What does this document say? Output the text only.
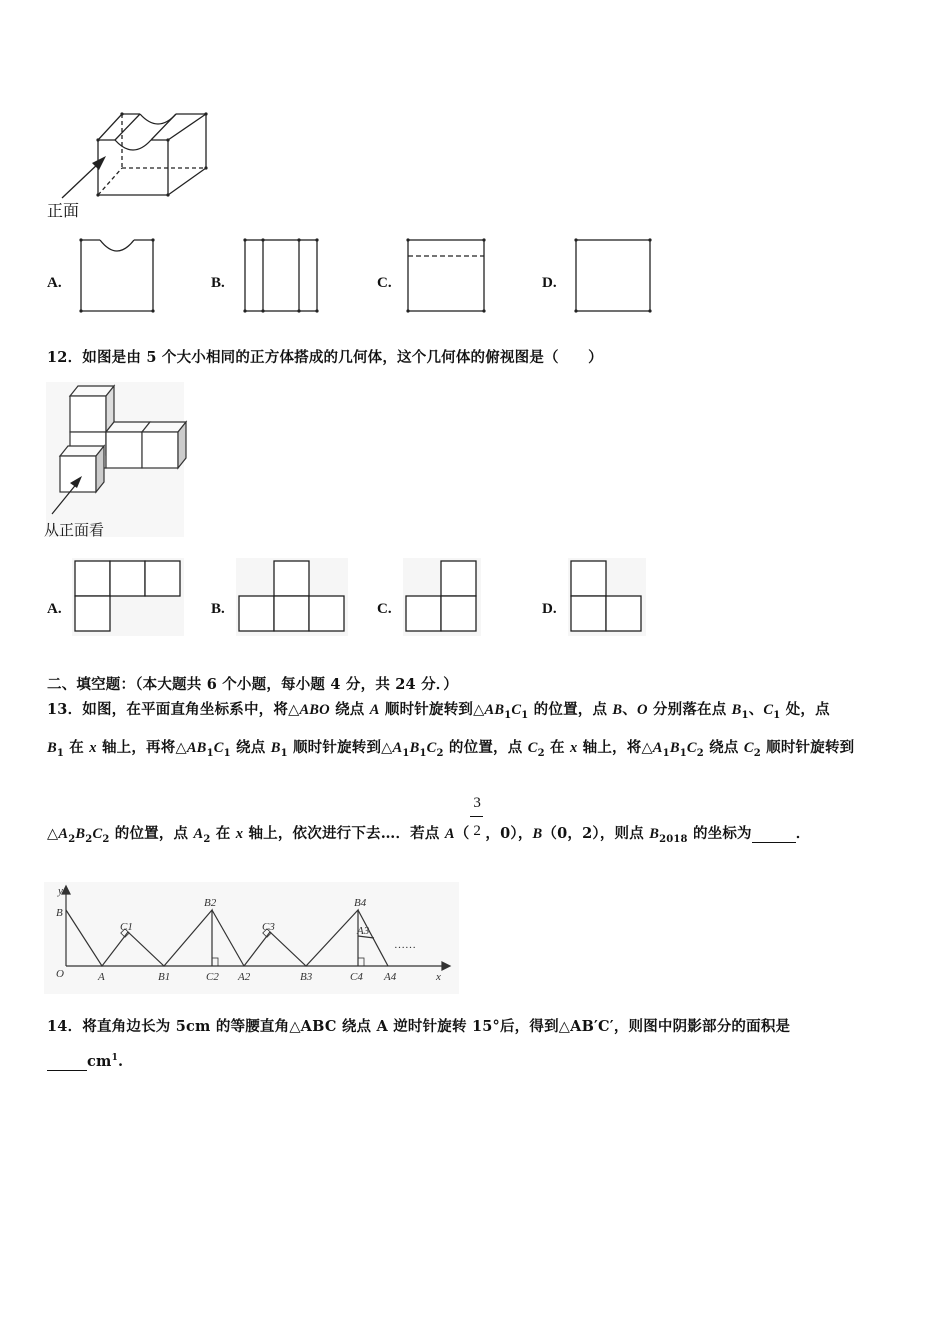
正面
A.	B.	C.	D.
12．如图是由 5 个大小相同的正方体搭成的几何体，这个几何体的俯视图是（　　）
从正面看
A.	B.	C.	D.
二、填空题：（本大题共 6 个小题，每小题 4 分，共 24 分．）
13．如图，在平面直角坐标系中，将△ABO 绕点 A 顺时针旋转到$\triangle AB_1C_1$ 的位置，点 B、O 分别落在点 $B_1$、$C_1$ 处，点
$B_1$ 在 x 轴上，再将$\triangle AB_1C_1$ 绕点 $B_1$ 顺时针旋转到$\triangle A_1B_1C_2$ 的位置，点 $C_2$ 在 x 轴上，将$\triangle A_1B_1C_2$ 绕点 $C_2$ 顺时针旋转到
$\triangle A_2B_2C_2$ 的位置，点 $A_2$ 在 x 轴上，依次进行下去…．若点 $A( \frac{3}{2}$ ，0），B（0，2），则点 $B_{2018}$ 的坐标为	．
y
x
O
B
A
C1
B1
B2
C2 A2
C3
B3
B4
A3
C4 A4
……
14．将直角边长为 5cm 的等腰直角△ABC 绕点 A 逆时针旋转 15°后，得到△AB′C′，则图中阴影部分的面积是
$cm^1$.
